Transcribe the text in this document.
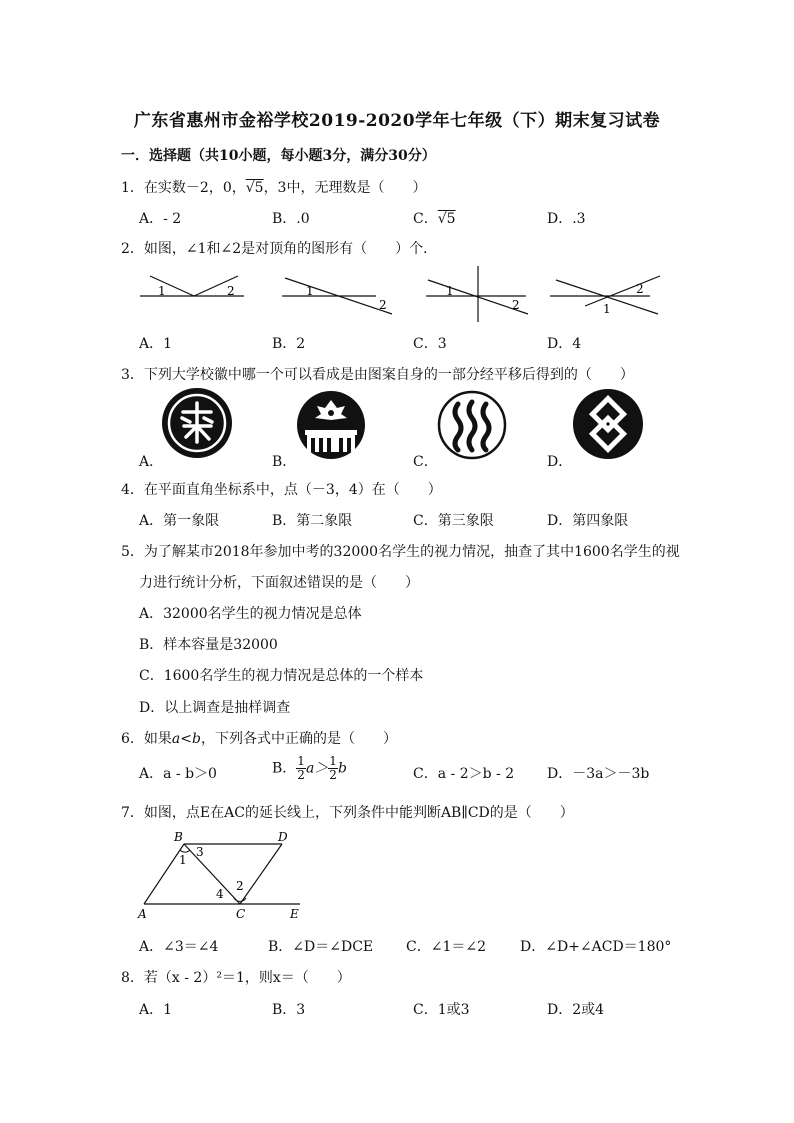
广东省惠州市金裕学校2019-2020学年七年级（下）期末复习试卷
一．选择题（共10小题，每小题3分，满分30分）
1．在实数－2，0，√5，3中，无理数是（　　）
A．- 2	B．.0	C．√5	D．.3
2．如图，∠1和∠2是对顶角的图形有（　　）个．
1	2	1
2
1
2
2
1
A．1	B．2	C．3	D．4
3．下列大学校徽中哪一个可以看成是由图案自身的一部分经平移后得到的（　　）
A．	B．	C．	D．
4．在平面直角坐标系中，点（－3，4）在（　　）
A．第一象限	B．第二象限	C．第三象限	D．第四象限
5．为了解某市2018年参加中考的32000名学生的视力情况，抽查了其中1600名学生的视
力进行统计分析，下面叙述错误的是（　　）
A．32000名学生的视力情况是总体
B．样本容量是32000
C．1600名学生的视力情况是总体的一个样本
D．以上调查是抽样调查
6．如果a<b，下列各式中正确的是（　　）
A．a - b＞0	B． $\frac{1}{2} a> \frac{1}{2}$ b	C．a - 2＞b - 2 D．－3a＞－3b
7．如图，点E在AC的延长线上，下列条件中能判断AB∥CD的是（　　）
B	D
A	C	E
1
3
4
2
A．∠3＝∠4	B．∠D＝∠DCE C．∠1＝∠2 D．∠D+∠ACD＝180°
8．若（x - 2）²＝1，则x＝（　　）
A．1	B．3	C．1或3	D．2或4
